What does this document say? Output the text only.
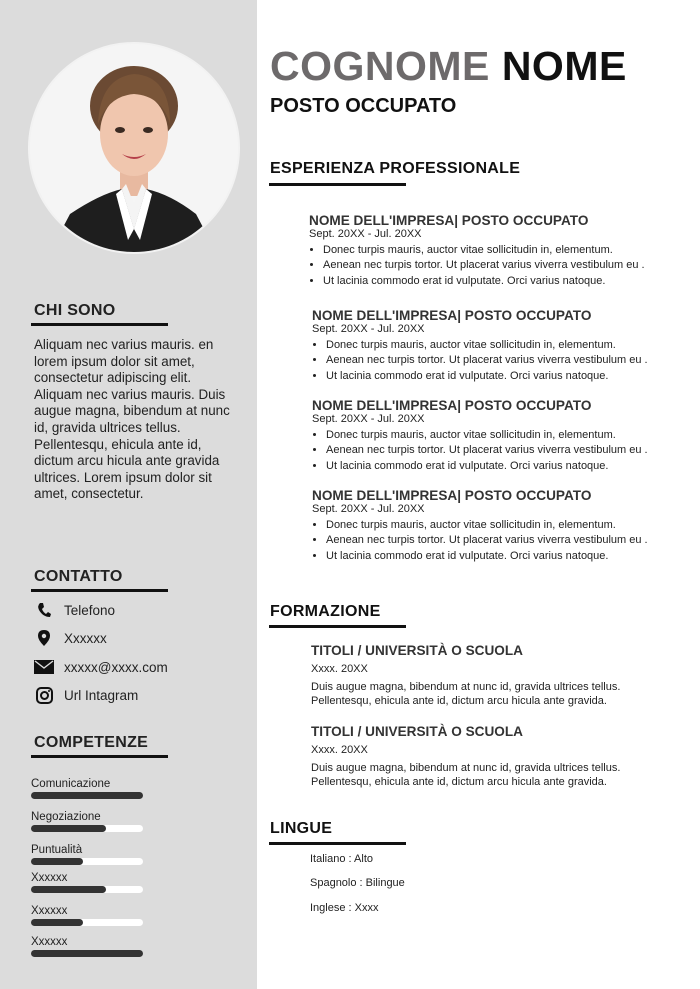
CHI SONO
Aliquam nec varius mauris. en lorem ipsum dolor sit amet, consectetur adipiscing elit. Aliquam nec varius mauris. Duis augue magna, bibendum at nunc id, gravida ultrices tellus. Pellentesqu, ehicula ante id, dictum arcu hicula ante gravida ultrices. Lorem ipsum dolor sit amet, consectetur.
CONTATTO
Telefono
Xxxxxx
xxxxx@xxxx.com
Url Intagram
COMPETENZE
Comunicazione
Negoziazione
Puntualità
Xxxxxx
Xxxxxx
Xxxxxx
COGNOME NOME
POSTO OCCUPATO
ESPERIENZA PROFESSIONALE
NOME DELL'IMPRESA| POSTO OCCUPATO
Sept. 20XX - Jul. 20XX
• Donec turpis mauris, auctor vitae sollicitudin in, elementum.
• Aenean nec turpis tortor. Ut placerat varius viverra vestibulum eu .
• Ut lacinia commodo erat id vulputate. Orci varius natoque.
NOME DELL'IMPRESA| POSTO OCCUPATO
Sept. 20XX - Jul. 20XX
• Donec turpis mauris, auctor vitae sollicitudin in, elementum.
• Aenean nec turpis tortor. Ut placerat varius viverra vestibulum eu .
• Ut lacinia commodo erat id vulputate. Orci varius natoque.
NOME DELL'IMPRESA| POSTO OCCUPATO
Sept. 20XX - Jul. 20XX
• Donec turpis mauris, auctor vitae sollicitudin in, elementum.
• Aenean nec turpis tortor. Ut placerat varius viverra vestibulum eu .
• Ut lacinia commodo erat id vulputate. Orci varius natoque.
NOME DELL'IMPRESA| POSTO OCCUPATO
Sept. 20XX - Jul. 20XX
• Donec turpis mauris, auctor vitae sollicitudin in, elementum.
• Aenean nec turpis tortor. Ut placerat varius viverra vestibulum eu .
• Ut lacinia commodo erat id vulputate. Orci varius natoque.
FORMAZIONE
TITOLI / UNIVERSITÀ O SCUOLA
Xxxx. 20XX
Duis augue magna, bibendum at nunc id, gravida ultrices tellus. Pellentesqu, ehicula ante id, dictum arcu hicula ante gravida.
TITOLI / UNIVERSITÀ O SCUOLA
Xxxx. 20XX
Duis augue magna, bibendum at nunc id, gravida ultrices tellus. Pellentesqu, ehicula ante id, dictum arcu hicula ante gravida.
LINGUE
Italiano : Alto
Spagnolo : Bilingue
Inglese : Xxxx
